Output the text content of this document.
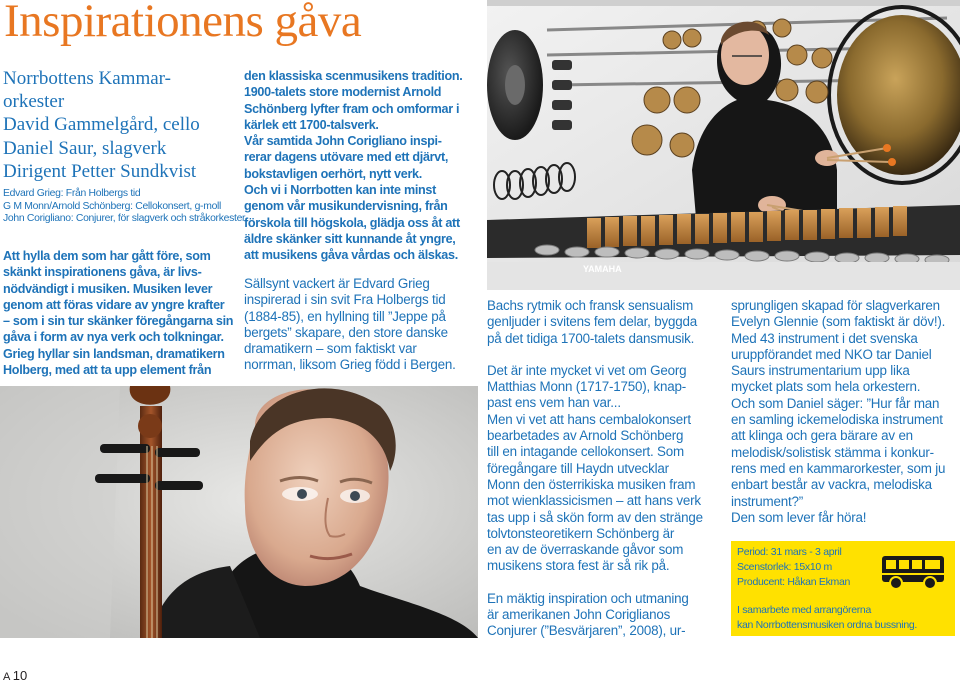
Inspirationens gåva
Norrbottens Kammar-
orkester
David Gammelgård, cello
Daniel Saur, slagverk
Dirigent Petter Sundkvist
Edvard Grieg: Från Holbergs tid
G M Monn/Arnold Schönberg: Cellokonsert, g-moll
John Corigliano: Conjurer, för slagverk och stråkorkester
Att hylla dem som har gått före, som
skänkt inspirationens gåva, är livs-
nödvändigt i musiken. Musiken lever
genom att föras vidare av yngre krafter
– som i sin tur skänker föregångarna sin
gåva i form av nya verk och tolkningar.
Grieg hyllar sin landsman, dramatikern
Holberg, med att ta upp element från
den klassiska scenmusikens tradition.
1900-talets store modernist Arnold
Schönberg lyfter fram och omformar i
kärlek ett 1700-talsverk.
Vår samtida John Corigliano inspi-
rerar dagens utövare med ett djärvt,
bokstavligen oerhört, nytt verk.
Och vi i Norrbotten kan inte minst
genom vår musikundervisning, från
förskola till högskola, glädja oss åt att
äldre skänker sitt kunnande åt yngre,
att musikens gåva vårdas och älskas.
Sällsynt vackert är Edvard Grieg
inspirerad i sin svit Fra Holbergs tid
(1884-85), en hyllning till ”Jeppe på
bergets” skapare, den store danske
dramatikern – som faktiskt var
norrman, liksom Grieg född i Bergen.
YAMAHA
Bachs rytmik och fransk sensualism
genljuder i svitens fem delar, byggda
på det tidiga 1700-talets dansmusik.
Det är inte mycket vi vet om Georg
Matthias Monn (1717-1750), knap-
past ens vem han var...
Men vi vet att hans cembalokonsert
bearbetades av Arnold Schönberg
till en intagande cellokonsert. Som
föregångare till Haydn utvecklar
Monn den österrikiska musiken fram
mot wienklassicismen – att hans verk
tas upp i så skön form av den stränge
tolvtonsteoretikern Schönberg är
en av de överraskande gåvor som
musikens stora fest är så rik på.
En mäktig inspiration och utmaning
är amerikanen John Coriglianos
Conjurer (”Besvärjaren”, 2008), ur-
sprungligen skapad för slagverkaren
Evelyn Glennie (som faktiskt är döv!).
Med 43 instrument i det svenska
uruppförandet med NKO tar Daniel
Saurs instrumentarium upp lika
mycket plats som hela orkestern.
Och som Daniel säger: ”Hur får man
en samling ickemelodiska instrument
att klinga och gera bärare av en
melodisk/solistisk stämma i konkur-
rens med en kammarorkester, som ju
enbart består av vackra, melodiska
instrument?”
Den som lever får höra!
Period: 31 mars - 3 april
Scenstorlek: 15x10 m
Producent: Håkan Ekman
I samarbete med arrangörerna
kan Norrbottensmusiken ordna bussning.
A 10
